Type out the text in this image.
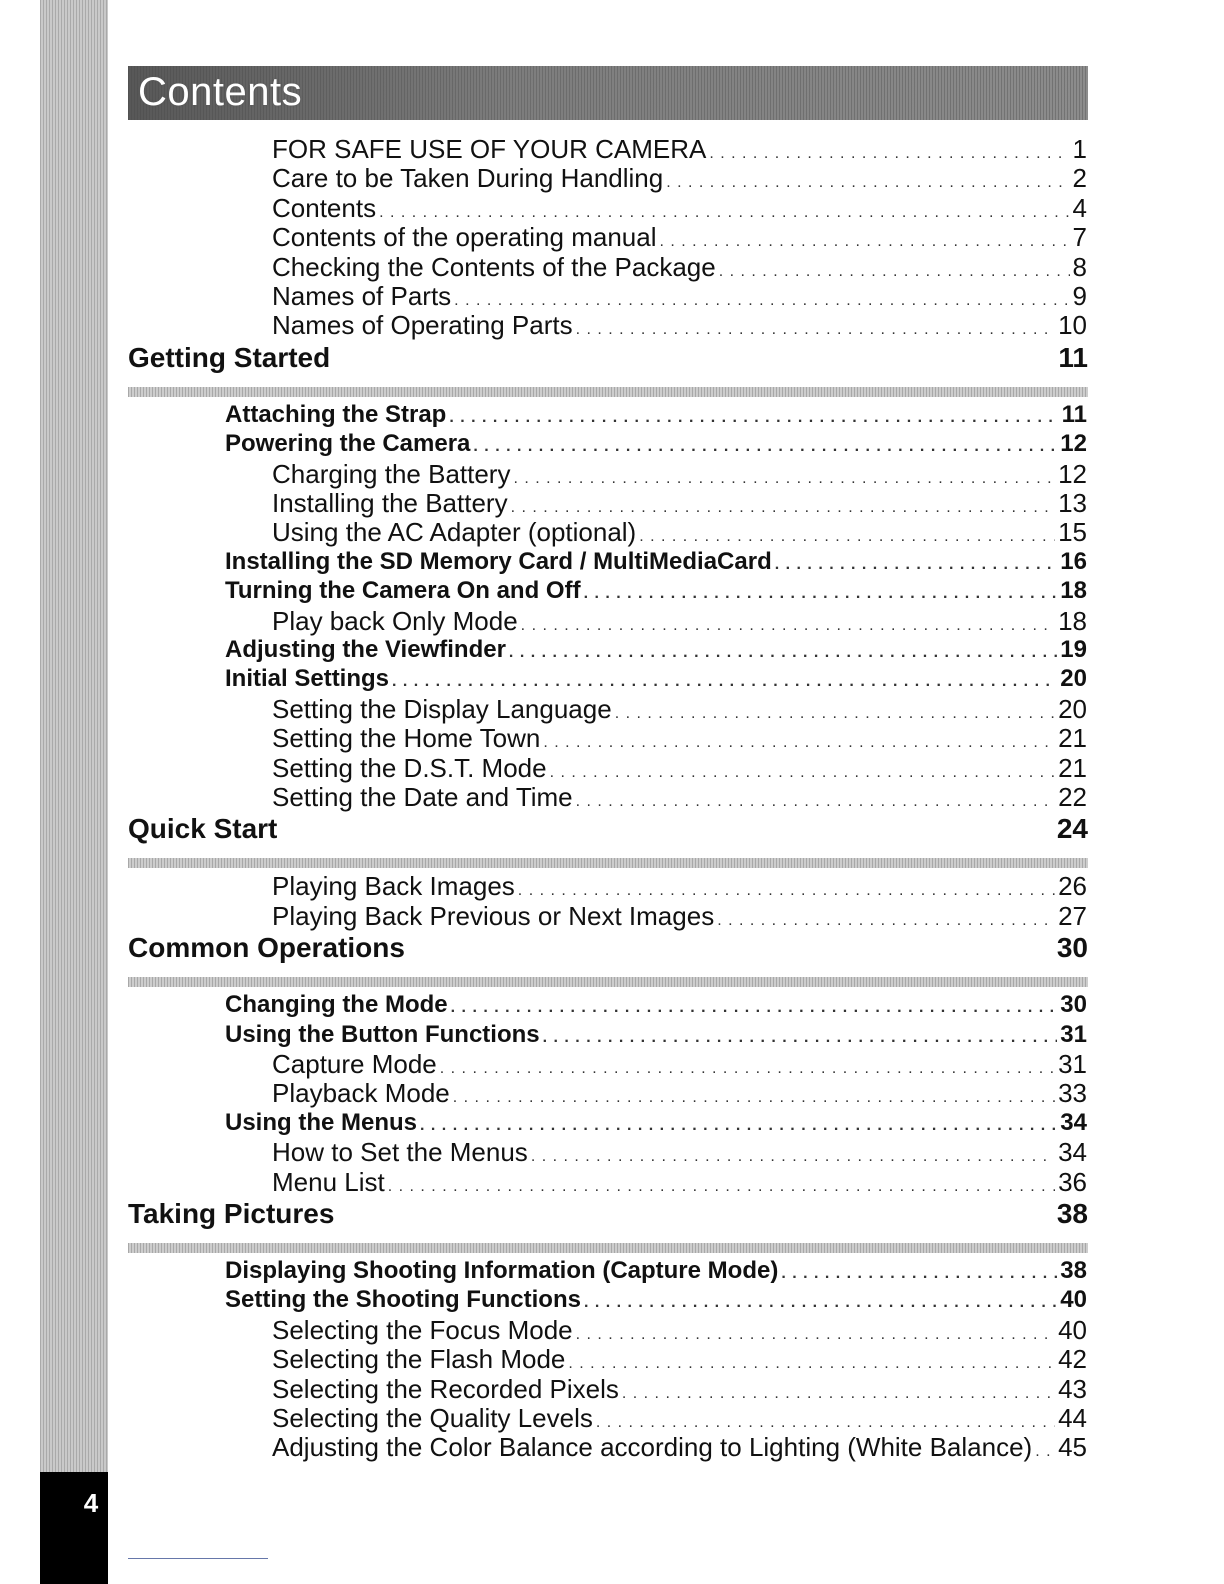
4
Contents
FOR SAFE USE OF YOUR CAMERA . . .	1
Care to be Taken During Handling . . .	2
Contents . . .	4
Contents of the operating manual . . .	7
Checking the Contents of the Package . . .	8
Names of Parts . . .	9
Names of Operating Parts . . .	10
Getting Started	11
Attaching the Strap . . .	11
Powering the Camera . . .	12
Charging the Battery . . .	12
Installing the Battery . . .	13
Using the AC Adapter (optional) . . .	15
Installing the SD Memory Card / MultiMediaCard . . .	16
Turning the Camera On and Off . . .	18
Play back Only Mode . . .	18
Adjusting the Viewfinder . . .	19
Initial Settings . . .	20
Setting the Display Language . . .	20
Setting the Home Town . . .	21
Setting the D.S.T. Mode . . .	21
Setting the Date and Time . . .	22
Quick Start	24
Playing Back Images . . .	26
Playing Back Previous or Next Images . . .	27
Common Operations	30
Changing the Mode . . .	30
Using the Button Functions . . .	31
Capture Mode . . .	31
Playback Mode . . .	33
Using the Menus . . .	34
How to Set the Menus . . .	34
Menu List . . .	36
Taking Pictures	38
Displaying Shooting Information (Capture Mode) . . .	38
Setting the Shooting Functions . . .	40
Selecting the Focus Mode . . .	40
Selecting the Flash Mode . . .	42
Selecting the Recorded Pixels . . .	43
Selecting the Quality Levels . . .	44
Adjusting the Color Balance according to Lighting (White Balance) . . . 45
